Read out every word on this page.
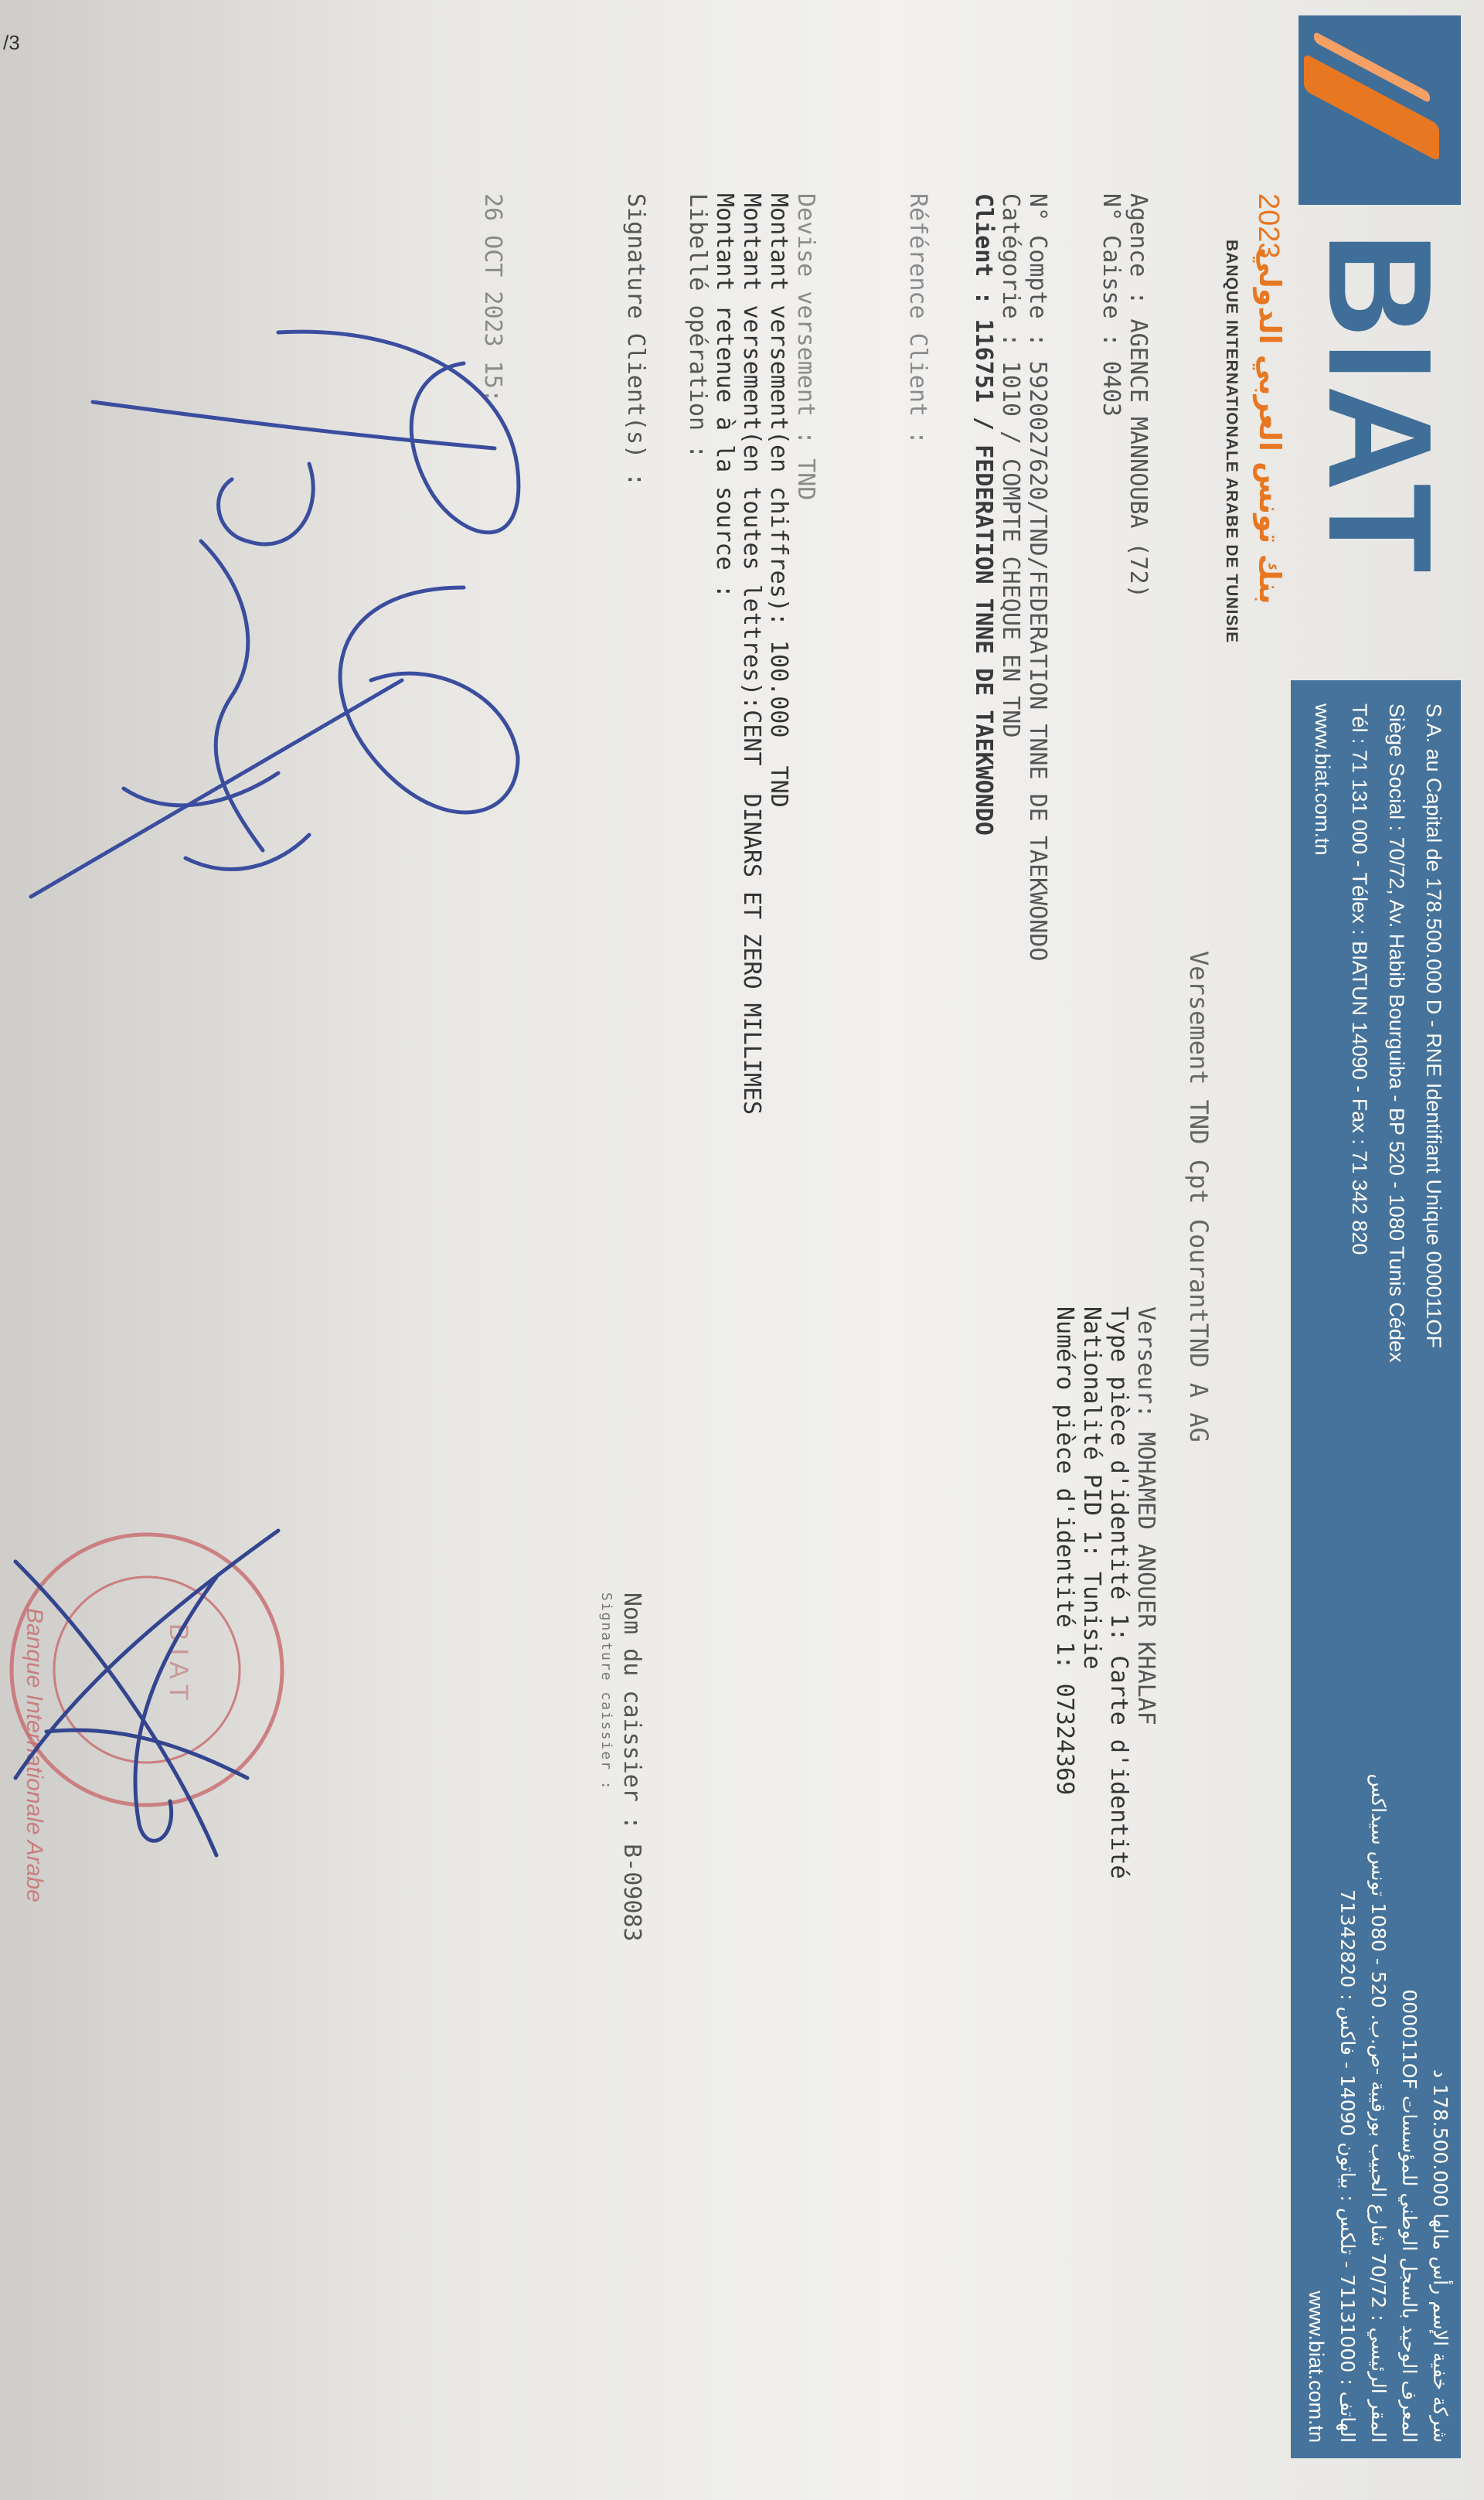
/3
BIAT
2023
بنك تونس العربي الدولي
BANQUE INTERNATIONALE ARABE DE TUNISIE
S.A. au Capital de 178.500.000 D - RNE Identifiant Unique 000011OF
Siège Social : 70/72, Av. Habib Bourguiba - BP 520 - 1080 Tunis Cédex
Tél : 71 131 000 - Télex : BIATUN 14090 - Fax : 71 342 820
www.biat.com.tn
شركة خفية الإسم رأس مالها 178.500.000 د
المعرف الوحيد بالسجل الوطني للمؤسسات 000011OF
المقر الرئيسي : 70/72 شارع الحبيب بورقيبة -ص.ب. 520 - 1080 تونس سيداكس
الهاتف : 71131000 - تلكس : بياتون 14090 - فاكس : 71342820
www.biat.com.tn
Versement TND Cpt CourantTND A AG
Agence : AGENCE MANNOUBA (72)
N° Caisse : 0403
Verseur: MOHAMED ANOUER KHALAF
Type pièce d'identité 1: Carte d'identité
Nationalité PID 1: Tunisie
Numéro pièce d'identité 1: 07324369
N° Compte : 5920027620/TND/FEDERATION TNNE DE TAEKWONDO
Catégorie : 1010 / COMPTE CHEQUE EN TND
Client : 116751 / FEDERATION TNNE DE TAEKWONDO
Référence Client :
Devise versement : TND
Montant versement(en chiffres): 100.000  TND
Montant versement(en toutes lettres):CENT  DINARS ET ZERO MILLIMES
Montant retenue à la source :
Libellé opération :
Signature Client(s) :
Nom du caissier : B-09083
Signature caissier :
26 OCT 2023 15:
B I A T
Banque Internationale Arabe
